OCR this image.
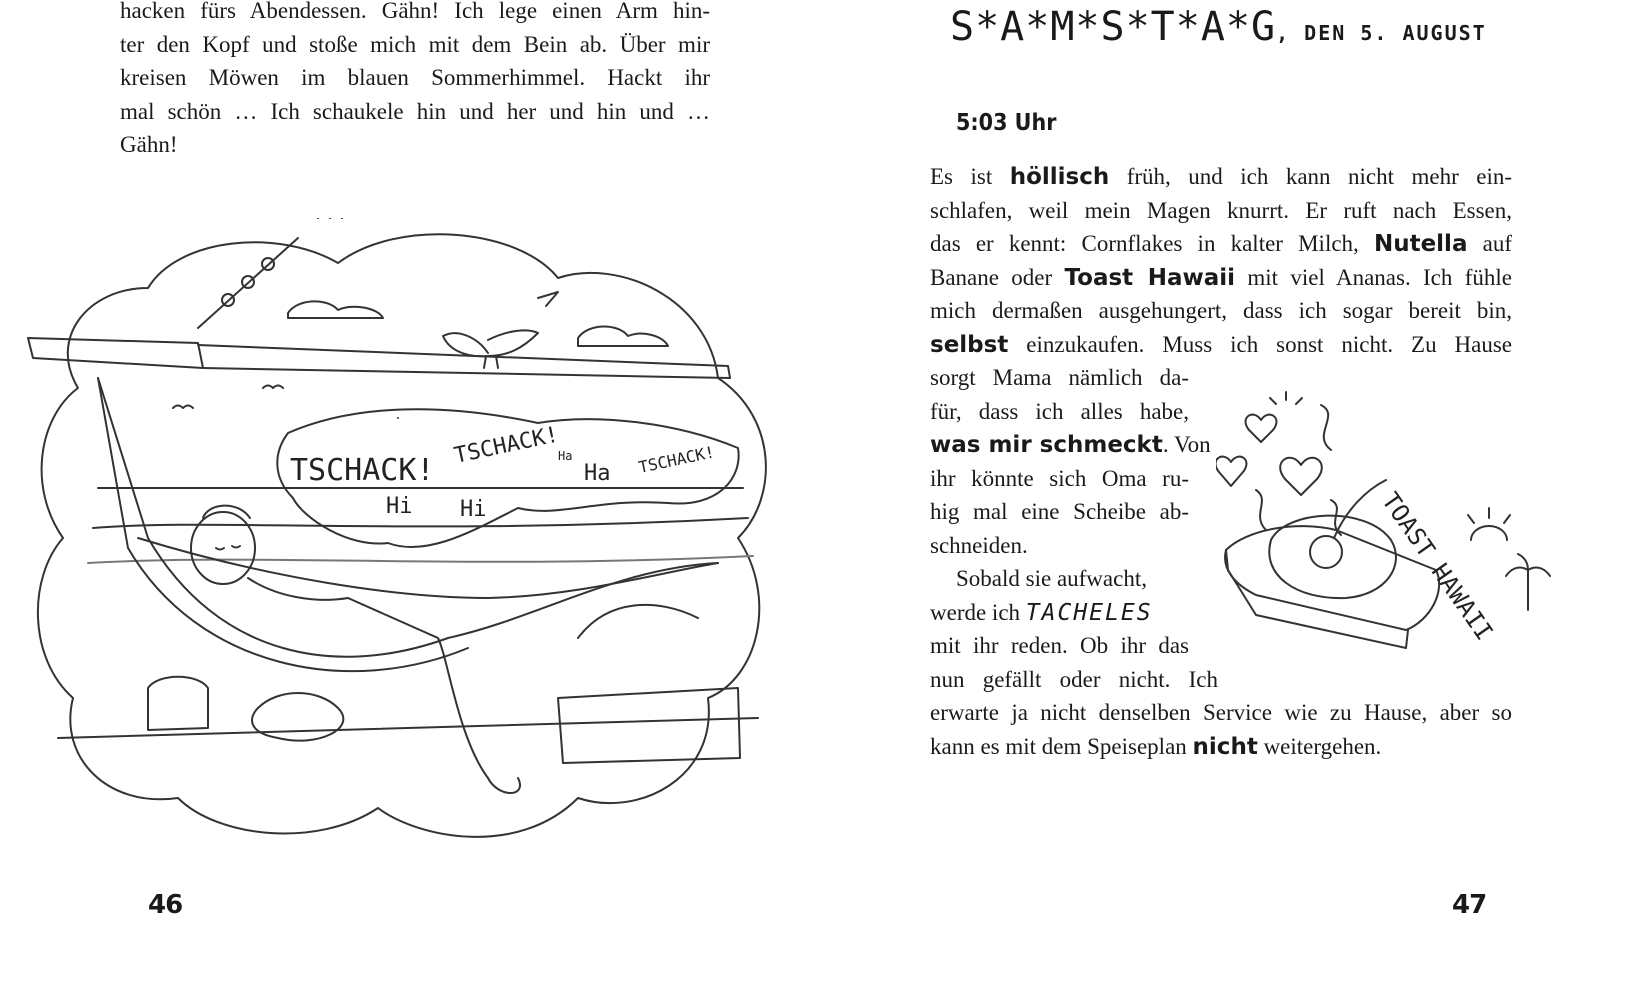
hacken fürs Abendessen. Gähn! Ich lege einen Arm hin-
ter den Kopf und stoße mich mit dem Bein ab. Über mir
kreisen Möwen im blauen Sommerhimmel. Hackt ihr
mal schön … Ich schaukele hin und her und hin und …
Gähn!
TSCHACK!
TSCHACK!	TSCHACK!
Hi Hi
Ha
Ha
46
S*A*M*S*T*A*G, DEN 5. AUGUST
5:03 Uhr
Es ist höllisch früh, und ich kann nicht mehr ein-
schlafen, weil mein Magen knurrt. Er ruft nach Essen,
das er kennt: Cornflakes in kalter Milch, Nutella auf
Banane oder Toast Hawaii mit viel Ananas. Ich fühle
mich dermaßen ausgehungert, dass ich sogar bereit bin,
selbst einzukaufen. Muss ich sonst nicht. Zu Hause
sorgt Mama nämlich da-
für, dass ich alles habe,
was mir schmeckt. Von
ihr könnte sich Oma ru-
hig mal eine Scheibe ab-
schneiden.
Sobald sie aufwacht,
werde ich TACHELES
mit ihr reden. Ob ihr das
nun gefällt oder nicht. Ich
erwarte ja nicht denselben Service wie zu Hause, aber so
kann es mit dem Speiseplan nicht weitergehen.
TOAST HAWAII
47
